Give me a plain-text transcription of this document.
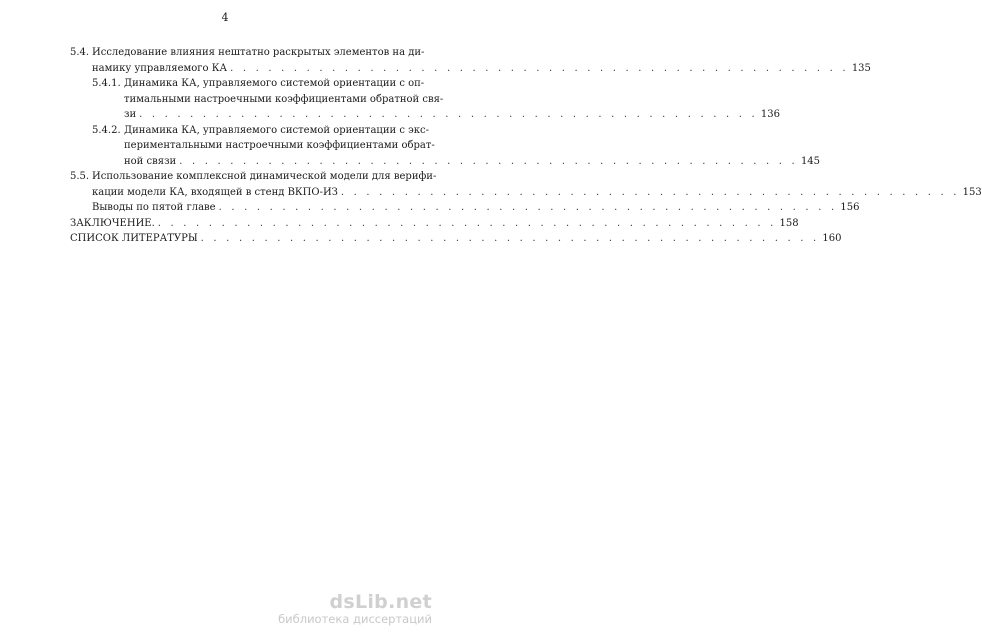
4
5.4. Исследование влияния нештатно раскрытых элементов на ди-
намику управляемого КА . . . . . . . . . . . . . . . . . . . . . . . . . . . . . . . . . . . . . . . . . . . . . . . . . 135
5.4.1. Динамика КА, управляемого системой ориентации с оп-
тимальными настроечными коэффициентами обратной свя-
зи . . . . . . . . . . . . . . . . . . . . . . . . . . . . . . . . . . . . . . . . . . . . . . . . . 136
5.4.2. Динамика КА, управляемого системой ориентации с экс-
периментальными настроечными коэффициентами обрат-
ной связи . . . . . . . . . . . . . . . . . . . . . . . . . . . . . . . . . . . . . . . . . . . . . . . . . 145
5.5. Использование комплексной динамической модели для верифи-
кации модели КА, входящей в стенд ВКПО-ИЗ . . . . . . . . . . . . . . . . . . . . . . . . . . . . . . . . . . . . . . . . . . . . . . . . . 153
Выводы по пятой главе . . . . . . . . . . . . . . . . . . . . . . . . . . . . . . . . . . . . . . . . . . . . . . . . . 156
ЗАКЛЮЧЕНИЕ. . . . . . . . . . . . . . . . . . . . . . . . . . . . . . . . . . . . . . . . . . . . . . . . . . 158
СПИСОК ЛИТЕРАТУРЫ . . . . . . . . . . . . . . . . . . . . . . . . . . . . . . . . . . . . . . . . . . . . . . . . . 160
dsLib.net
библиотека диссертаций
